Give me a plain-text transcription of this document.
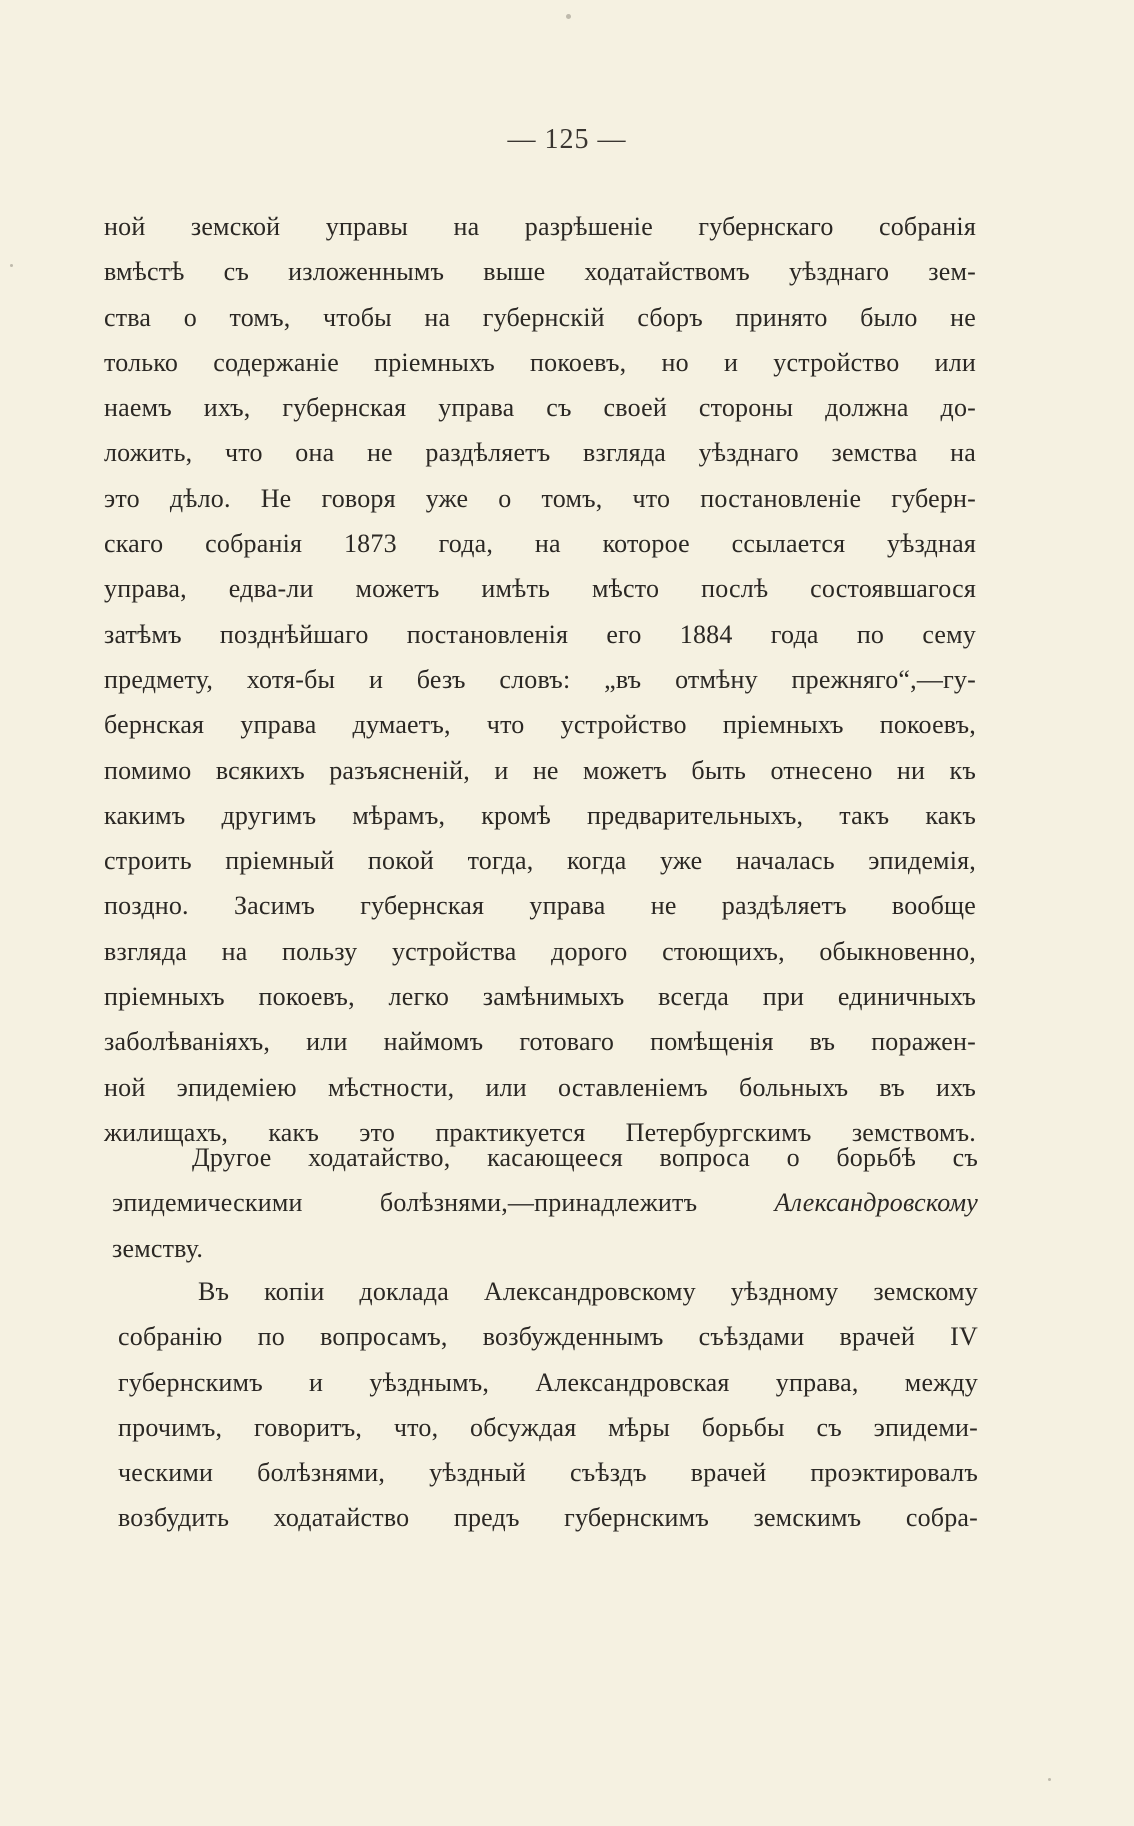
— 125 —
ной земской управы на разрѣшеніе губернскаго собранія
вмѣстѣ съ изложеннымъ выше ходатайствомъ уѣзднаго зем-
ства о томъ, чтобы на губернскій сборъ принято было не
только содержаніе пріемныхъ покоевъ, но и устройство или
наемъ ихъ, губернская управа съ своей стороны должна до-
ложить, что она не раздѣляетъ взгляда уѣзднаго земства на
это дѣло. Не говоря уже о томъ, что постановленіе губерн-
скаго собранія 1873 года, на которое ссылается уѣздная
управа, едва-ли можетъ имѣть мѣсто послѣ состоявшагося
затѣмъ позднѣйшаго постановленія его 1884 года по сему
предмету, хотя-бы и безъ словъ: „въ отмѣну прежняго“,—гу-
бернская управа думаетъ, что устройство пріемныхъ покоевъ,
помимо всякихъ разъясненій, и не можетъ быть отнесено ни къ
какимъ другимъ мѣрамъ, кромѣ предварительныхъ, такъ какъ
строить пріемный покой тогда, когда уже началась эпидемія,
поздно. Засимъ губернская управа не раздѣляетъ вообще
взгляда на пользу устройства дорого стоющихъ, обыкновенно,
пріемныхъ покоевъ, легко замѣнимыхъ всегда при единичныхъ
заболѣваніяхъ, или наймомъ готоваго помѣщенія въ поражен-
ной эпидеміею мѣстности, или оставленіемъ больныхъ въ ихъ
жилищахъ, какъ это практикуется Петербургскимъ земствомъ.
Другое ходатайство, касающееся вопроса о борьбѣ съ
эпидемическими болѣзнями,—принадлежитъ Александровскому
земству.
Въ копіи доклада Александровскому уѣздному земскому
собранію по вопросамъ, возбужденнымъ съѣздами врачей IV
губернскимъ и уѣзднымъ, Александровская управа, между
прочимъ, говоритъ, что, обсуждая мѣры борьбы съ эпидеми-
ческими болѣзнями, уѣздный съѣздъ врачей проэктировалъ
возбудить ходатайство предъ губернскимъ земскимъ собра-
